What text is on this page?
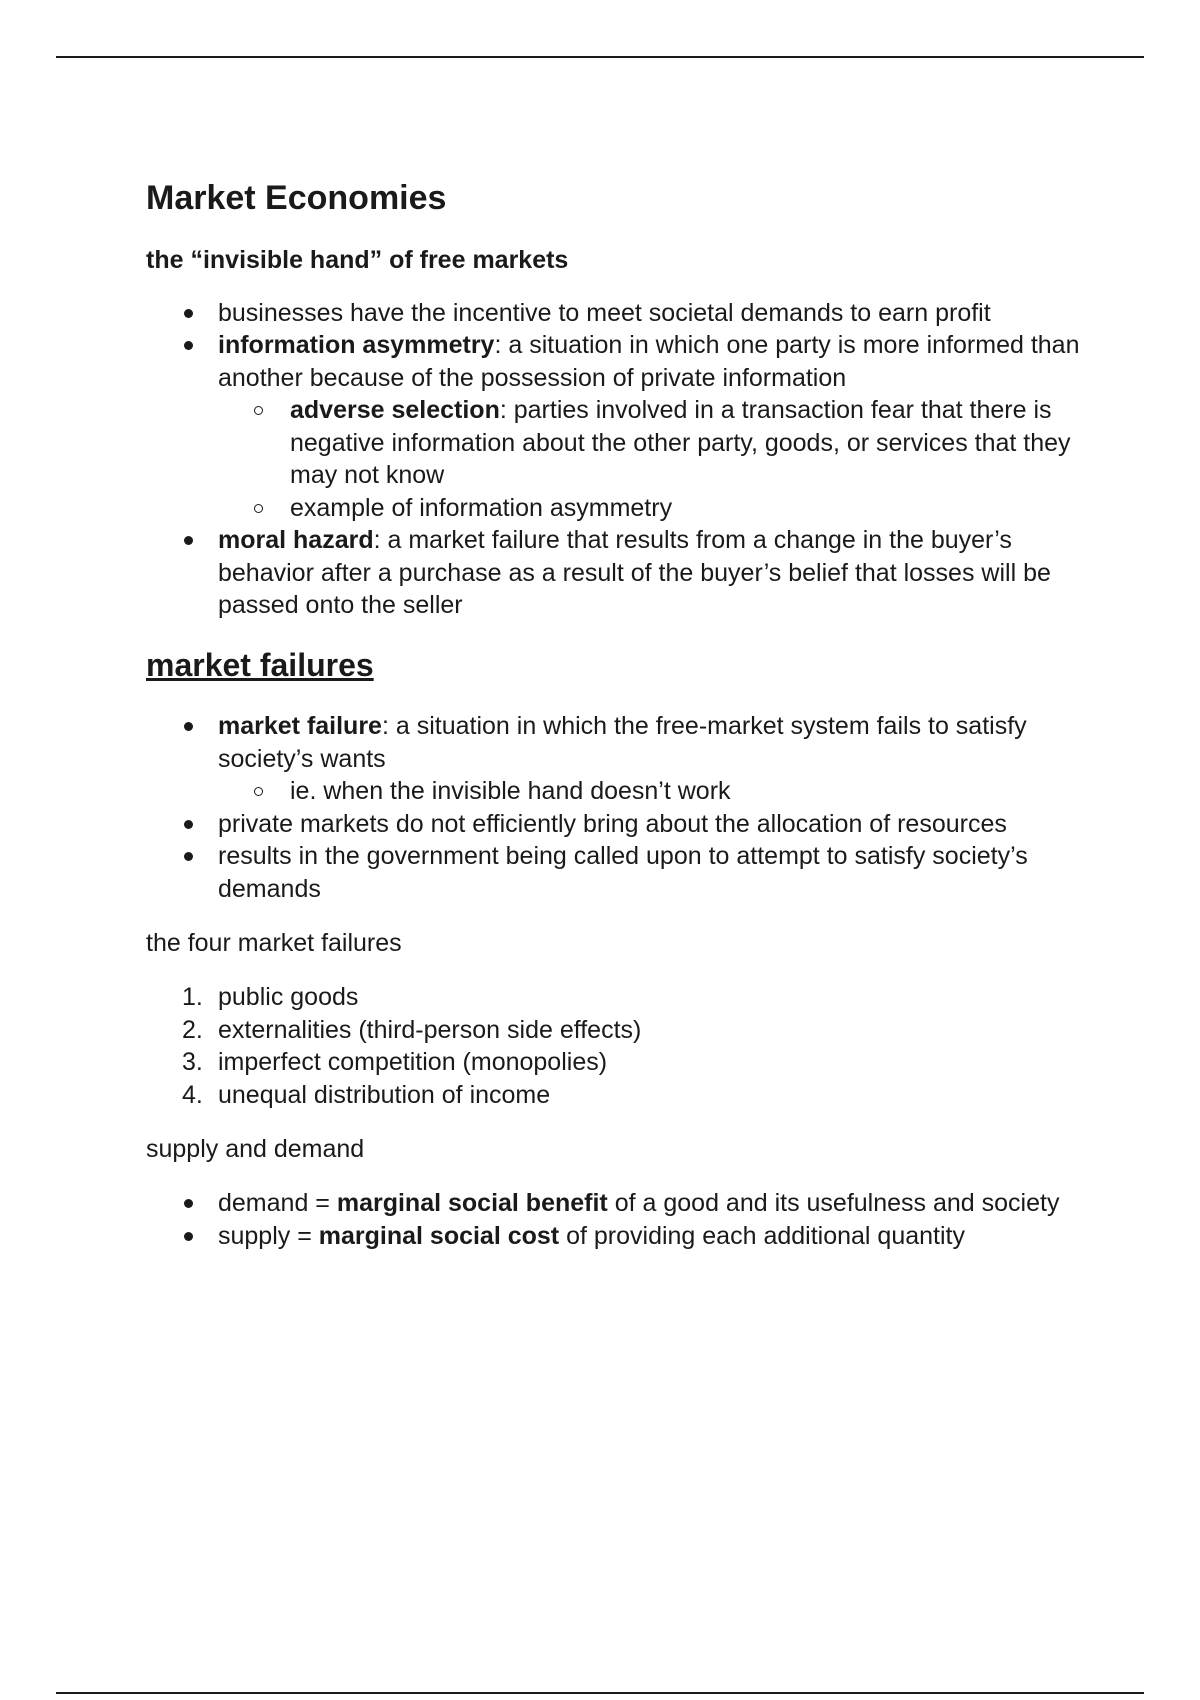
Market Economies
the “invisible hand” of free markets
businesses have the incentive to meet societal demands to earn profit
information asymmetry: a situation in which one party is more informed than another because of the possession of private information
adverse selection: parties involved in a transaction fear that there is negative information about the other party, goods, or services that they may not know
example of information asymmetry
moral hazard: a market failure that results from a change in the buyer’s behavior after a purchase as a result of the buyer’s belief that losses will be passed onto the seller
market failures
market failure: a situation in which the free-market system fails to satisfy society’s wants
ie. when the invisible hand doesn’t work
private markets do not efficiently bring about the allocation of resources
results in the government being called upon to attempt to satisfy society’s demands

the four market failures

1. public goods
2. externalities (third-person side effects)
3. imperfect competition (monopolies)
4. unequal distribution of income

supply and demand

demand = marginal social benefit of a good and its usefulness and society
supply = marginal social cost of providing each additional quantity
